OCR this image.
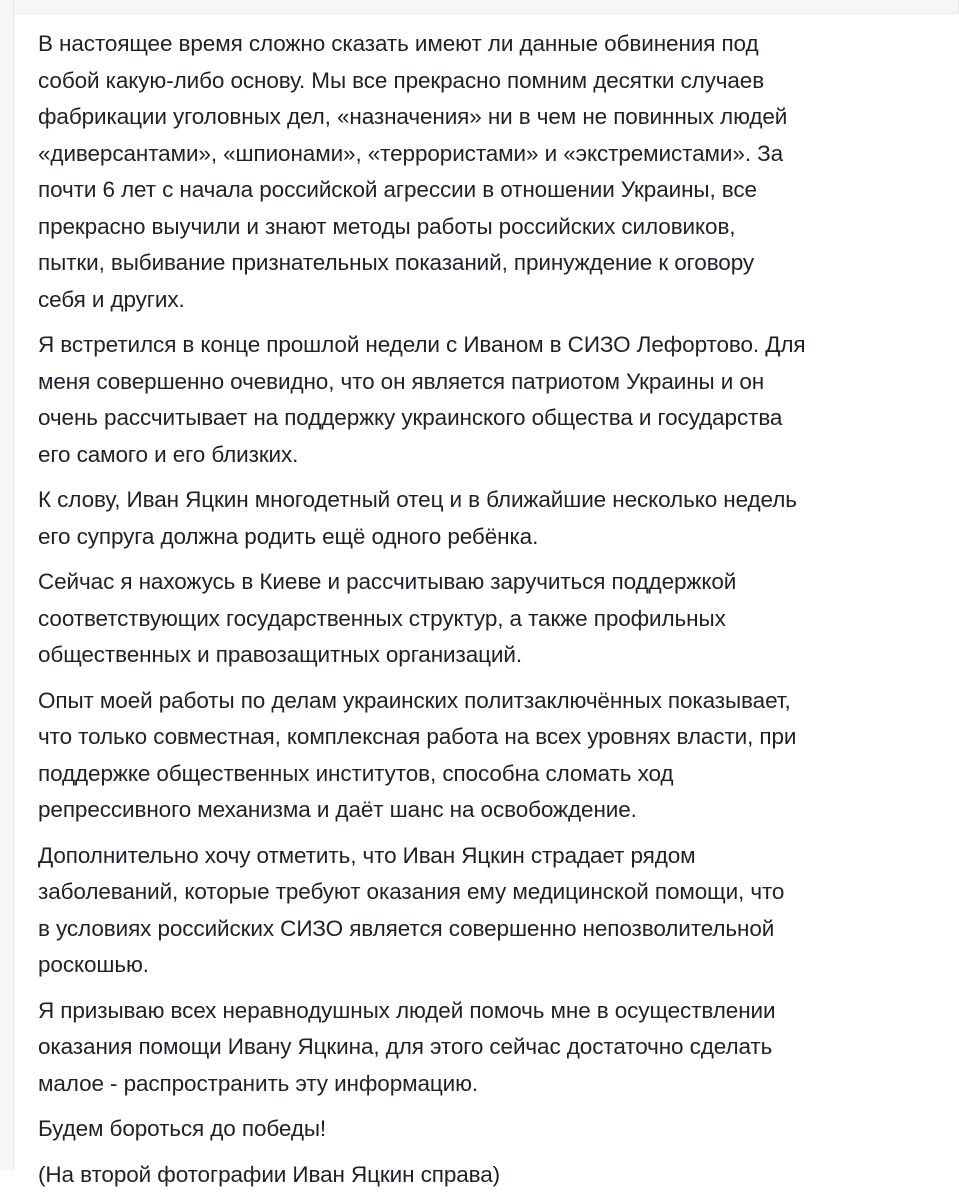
В настоящее время сложно сказать имеют ли данные обвинения под
собой какую-либо основу. Мы все прекрасно помним десятки случаев
фабрикации уголовных дел, «назначения» ни в чем не повинных людей
«диверсантами», «шпионами», «террористами» и «экстремистами». За
почти 6 лет с начала российской агрессии в отношении Украины, все
прекрасно выучили и знают методы работы российских силовиков,
пытки, выбивание признательных показаний, принуждение к оговору
себя и других.

Я встретился в конце прошлой недели с Иваном в СИЗО Лефортово. Для
меня совершенно очевидно, что он является патриотом Украины и он
очень рассчитывает на поддержку украинского общества и государства
его самого и его близких.

К слову, Иван Яцкин многодетный отец и в ближайшие несколько недель
его супруга должна родить ещё одного ребёнка.

Сейчас я нахожусь в Киеве и рассчитываю заручиться поддержкой
соответствующих государственных структур, а также профильных
общественных и правозащитных организаций.

Опыт моей работы по делам украинских политзаключённых показывает,
что только совместная, комплексная работа на всех уровнях власти, при
поддержке общественных институтов, способна сломать ход
репрессивного механизма и даёт шанс на освобождение.

Дополнительно хочу отметить, что Иван Яцкин страдает рядом
заболеваний, которые требуют оказания ему медицинской помощи, что
в условиях российских СИЗО является совершенно непозволительной
роскошью.

Я призываю всех неравнодушных людей помочь мне в осуществлении
оказания помощи Ивану Яцкина, для этого сейчас достаточно сделать
малое - распространить эту информацию.

Будем бороться до победы!

(На второй фотографии Иван Яцкин справа)
